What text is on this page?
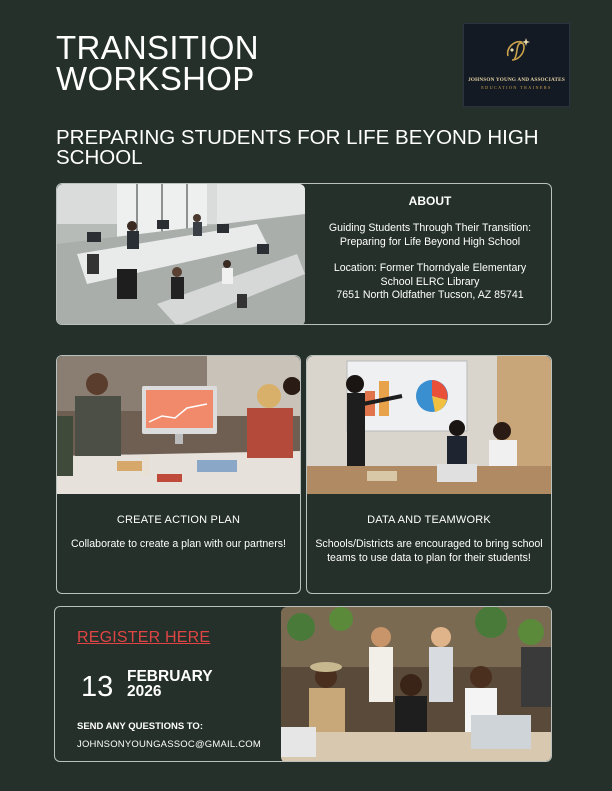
TRANSITION
WORKSHOP	JOHNSON YOUNG AND ASSOCIATES
EDUCATION TRAINERS
PREPARING STUDENTS FOR LIFE BEYOND HIGH SCHOOL
ABOUT

Guiding Students Through Their Transition: Preparing for Life Beyond High School

Location: Former Thorndyale Elementary School ELRC Library
7651 North Oldfather Tucson, AZ 85741

CREATE ACTION PLAN

Collaborate to create a plan with our partners!

DATA AND TEAMWORK

Schools/Districts are encouraged to bring school teams to use data to plan for their students!

REGISTER HERE
13 FEBRUARY
2026
SEND ANY QUESTIONS TO:
JOHNSONYOUNGASSOC@GMAIL.COM
